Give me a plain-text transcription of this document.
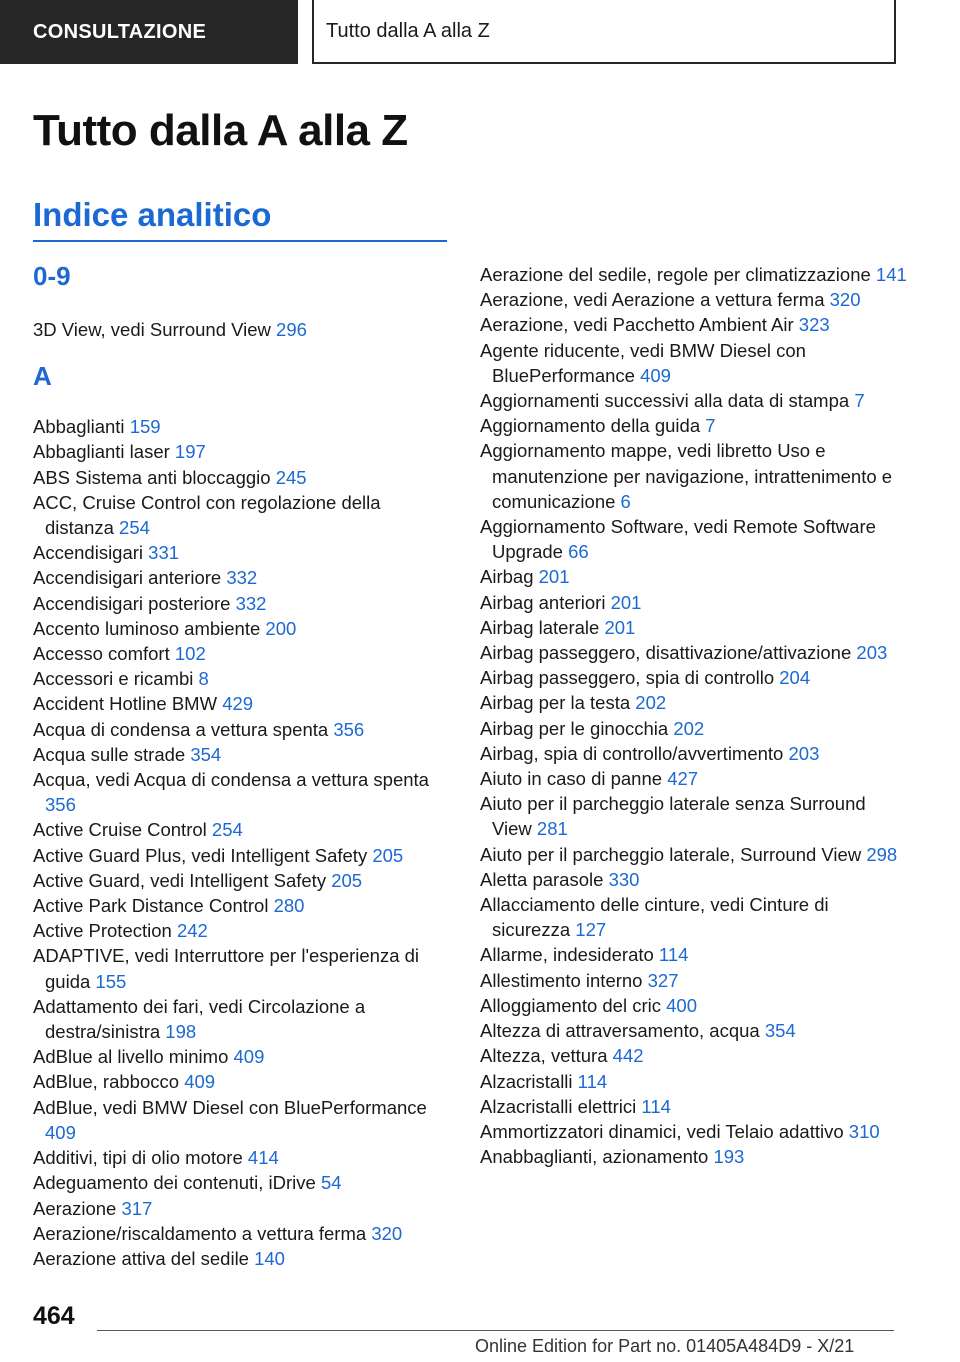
CONSULTAZIONE	Tutto dalla A alla Z
Tutto dalla A alla Z
Indice analitico
0-9
3D View, vedi Surround View 296
A
Abbaglianti 159
Abbaglianti laser 197
ABS Sistema anti bloccaggio 245
ACC, Cruise Control con regolazione della distanza 254
Accendisigari 331
Accendisigari anteriore 332
Accendisigari posteriore 332
Accento luminoso ambiente 200
Accesso comfort 102
Accessori e ricambi 8
Accident Hotline BMW 429
Acqua di condensa a vettura spenta 356
Acqua sulle strade 354
Acqua, vedi Acqua di condensa a vettura spenta 356
Active Cruise Control 254
Active Guard Plus, vedi Intelligent Safety 205
Active Guard, vedi Intelligent Safety 205
Active Park Distance Control 280
Active Protection 242
ADAPTIVE, vedi Interruttore per l'esperienza di guida 155
Adattamento dei fari, vedi Circolazione a destra/sinistra 198
AdBlue al livello minimo 409
AdBlue, rabbocco 409
AdBlue, vedi BMW Diesel con BluePerformance 409
Additivi, tipi di olio motore 414
Adeguamento dei contenuti, iDrive 54
Aerazione 317
Aerazione/riscaldamento a vettura ferma 320
Aerazione attiva del sedile 140
Aerazione del sedile, regole per climatizzazione 141
Aerazione, vedi Aerazione a vettura ferma 320
Aerazione, vedi Pacchetto Ambient Air 323
Agente riducente, vedi BMW Diesel con BluePerformance 409
Aggiornamenti successivi alla data di stampa 7
Aggiornamento della guida 7
Aggiornamento mappe, vedi libretto Uso e manutenzione per navigazione, intrattenimento e comunicazione 6
Aggiornamento Software, vedi Remote Software Upgrade 66
Airbag 201
Airbag anteriori 201
Airbag laterale 201
Airbag passeggero, disattivazione/attivazione 203
Airbag passeggero, spia di controllo 204
Airbag per la testa 202
Airbag per le ginocchia 202
Airbag, spia di controllo/avvertimento 203
Aiuto in caso di panne 427
Aiuto per il parcheggio laterale senza Surround View 281
Aiuto per il parcheggio laterale, Surround View 298
Aletta parasole 330
Allacciamento delle cinture, vedi Cinture di sicurezza 127
Allarme, indesiderato 114
Allestimento interno 327
Alloggiamento del cric 400
Altezza di attraversamento, acqua 354
Altezza, vettura 442
Alzacristalli 114
Alzacristalli elettrici 114
Ammortizzatori dinamici, vedi Telaio adattivo 310
Anabbaglianti, azionamento 193
464
Online Edition for Part no. 01405A484D9 - X/21
